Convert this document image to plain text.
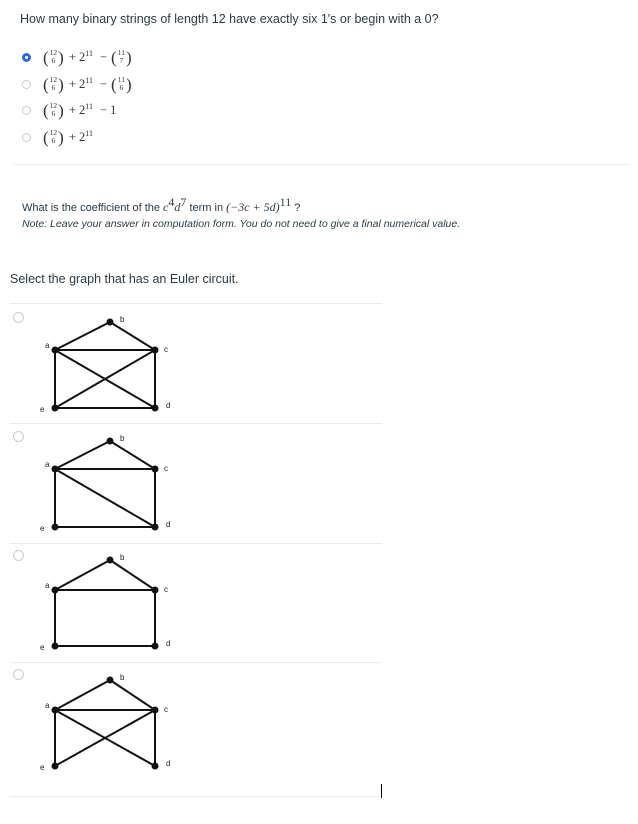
How many binary strings of length 12 have exactly six 1's or begin with a 0?
( 12
6 ) + $2^{11}$ − ( 11
7 )
( 12
6 ) + $2^{11}$ − ( 11
6 )
( 12
6 ) + $2^{11} - 1$
( 12
6 ) + $2^{11}$
What is the coefficient of the $c^4d^7$ term in $(-3c + 5d)^{11}$ ?
Note: Leave your answer in computation form. You do not need to give a final numerical value.
Select the graph that has an Euler circuit.
a
b
c
d
e
a
b
c
d
e
a
b
c
d
e
a
b
c
d
e
